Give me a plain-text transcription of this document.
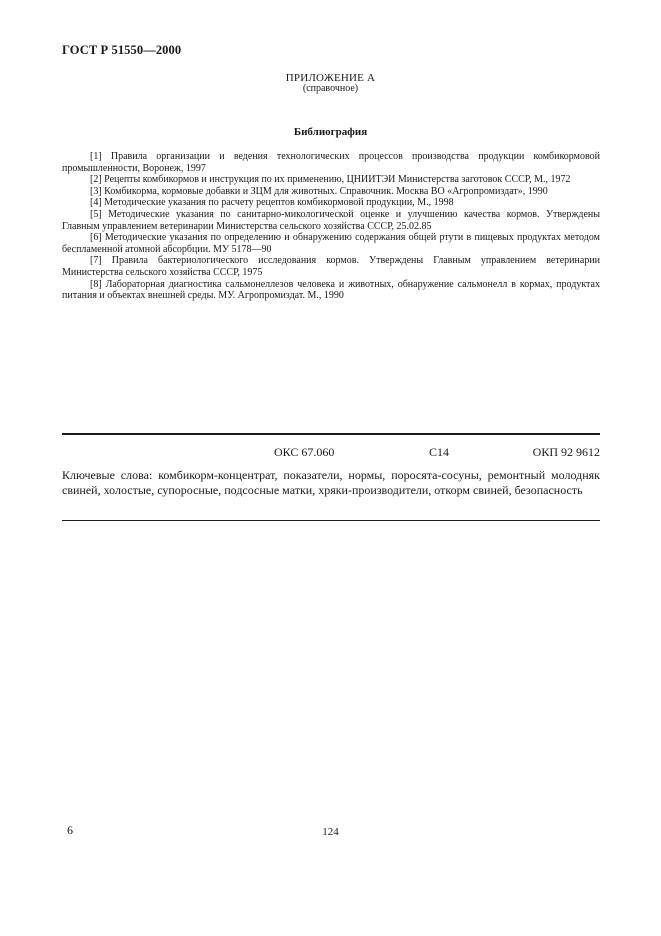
ГОСТ Р 51550—2000
ПРИЛОЖЕНИЕ А
(справочное)
Библиография
[1] Правила организации и ведения технологических процессов производства продукции комбикормовой промышленности, Воронеж, 1997
[2] Рецепты комбикормов и инструкция по их применению, ЦНИИТЭИ Министерства заготовок СССР, М., 1972
[3] Комбикорма, кормовые добавки и ЗЦМ для животных. Справочник. Москва ВО «Агропромиздат», 1990
[4] Методические указания по расчету рецептов комбикормовой продукции, М., 1998
[5] Методические указания по санитарно-микологической оценке и улучшению качества кормов. Утверждены Главным управлением ветеринарии Министерства сельского хозяйства СССР, 25.02.85
[6] Методические указания по определению и обнаружению содержания общей ртути в пищевых продуктах методом беспламенной атомной абсорбции. МУ 5178—90
[7] Правила бактериологического исследования кормов. Утверждены Главным управлением ветеринарии Министерства сельского хозяйства СССР, 1975
[8] Лабораторная диагностика сальмонеллезов человека и животных, обнаружение сальмонелл в кормах, продуктах питания и объектах внешней среды. МУ. Агропромиздат. М., 1990
ОКС 67.060	С14	ОКП 92 9612

Ключевые слова: комбикорм-концентрат, показатели, нормы, поросята-сосуны, ремонтный молодняк свиней, холостые, супоросные, подсосные матки, хряки-производители, откорм свиней, безопасность

6	124
